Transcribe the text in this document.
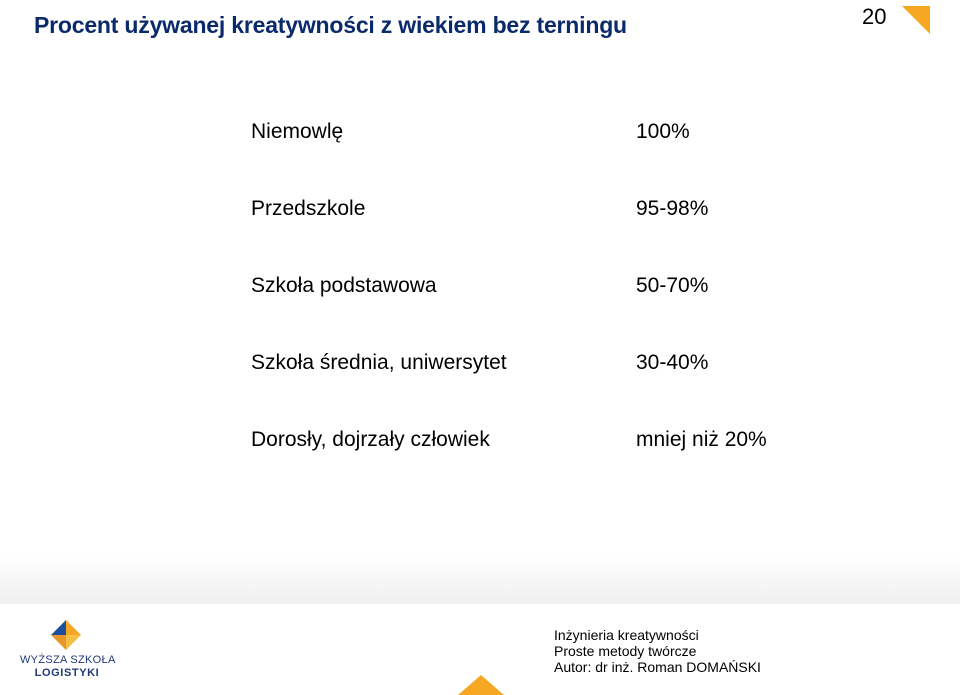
Procent używanej kreatywności z wiekiem bez terningu	20
Niemowlę	100%
Przedszkole	95-98%
Szkoła podstawowa	50-70%
Szkoła średnia, uniwersytet	30-40%
Dorosły, dojrzały człowiek	mniej niż 20%
WYŻSZA SZKOŁA
LOGISTYKI
Inżynieria kreatywności
Proste metody twórcze
Autor: dr inż. Roman DOMAŃSKI
